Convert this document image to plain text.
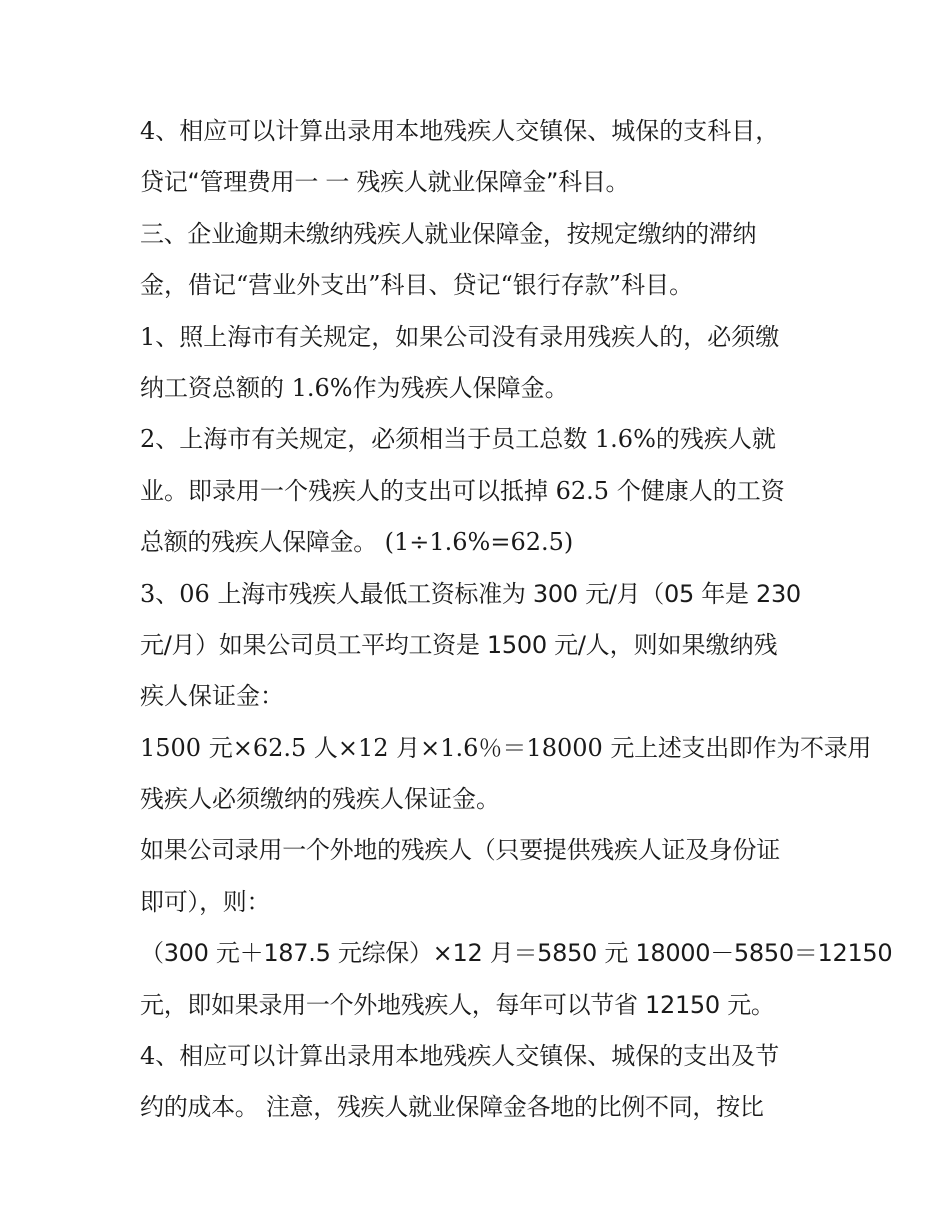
4、相应可以计算出录用本地残疾人交镇保、城保的支科目，
贷记“管理费用一 一 残疾人就业保障金”科目。
三、企业逾期未缴纳残疾人就业保障金，按规定缴纳的滞纳
金，借记“营业外支出”科目、贷记“银行存款”科目。
1、照上海市有关规定，如果公司没有录用残疾人的，必须缴
纳工资总额的 1.6%作为残疾人保障金。
2、上海市有关规定，必须相当于员工总数 1.6%的残疾人就
业。即录用一个残疾人的支出可以抵掉 62.5 个健康人的工资
总额的残疾人保障金。 (1÷1.6%=62.5)
3、06 上海市残疾人最低工资标准为 300 元/月（05 年是 230
元/月）如果公司员工平均工资是 1500 元/人，则如果缴纳残
疾人保证金：
1500 元×62.5 人×12 月×1.6％＝18000 元上述支出即作为不录用
残疾人必须缴纳的残疾人保证金。
如果公司录用一个外地的残疾人（只要提供残疾人证及身份证
即可），则：
（300 元＋187.5 元综保）×12 月＝5850 元 18000－5850＝12150
元，即如果录用一个外地残疾人，每年可以节省 12150 元。
4、相应可以计算出录用本地残疾人交镇保、城保的支出及节
约的成本。 注意，残疾人就业保障金各地的比例不同，按比
